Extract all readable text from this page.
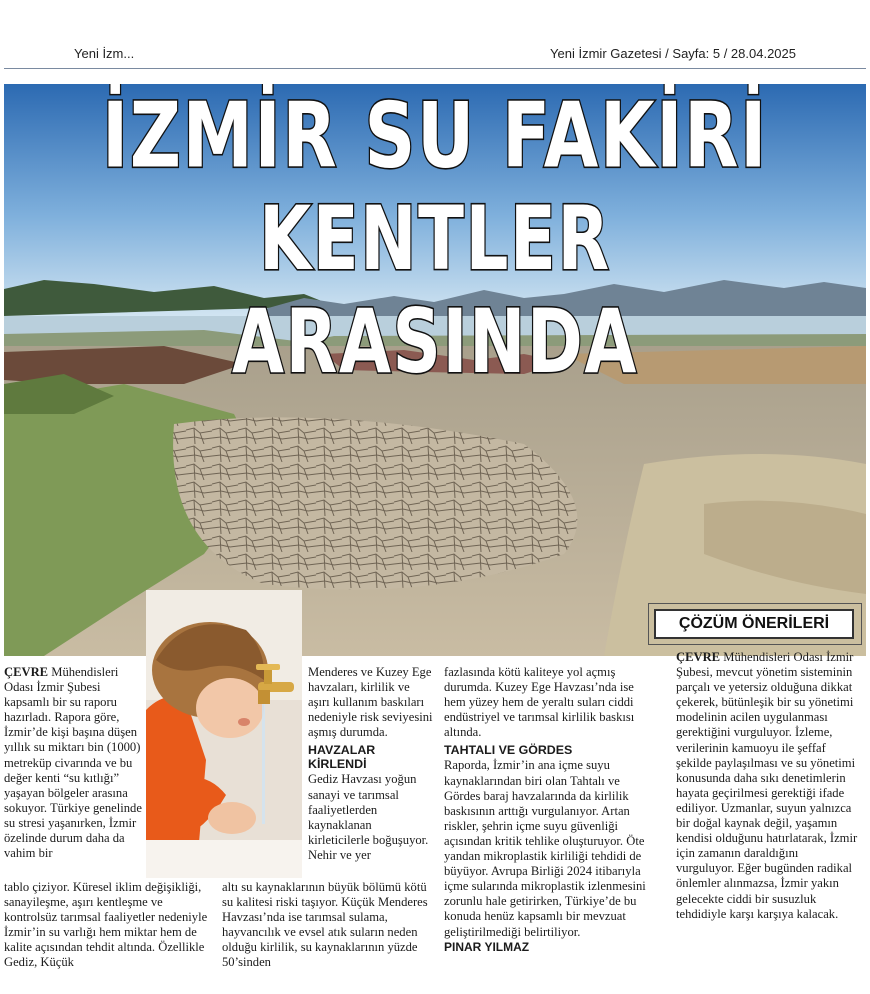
Yeni İzm...	Yeni İzmir Gazetesi / Sayfa: 5 / 28.04.2025
İZMİR SU FAKİRİ
KENTLER ARASINDA

ÇEVRE Mühendisleri Odası İzmir Şubesi kapsamlı bir su raporu hazırladı. Rapora göre, İzmir’de kişi başına düşen yıllık su miktarı bin (1000) metreküp civarında ve bu değer kenti “su kıtlığı” yaşayan bölgeler arasına sokuyor. Türkiye genelinde su stresi yaşanırken, İzmir özelinde durum daha da vahim bir

tablo çiziyor. Küresel iklim değişikliği, sanayileşme, aşırı kentleşme ve kontrolsüz tarımsal faaliyetler nedeniyle İzmir’in su varlığı hem miktar hem de kalite açısından tehdit altında. Özellikle Gediz, Küçük

Menderes ve Kuzey Ege havzaları, kirlilik ve aşırı kullanım baskıları nedeniyle risk seviyesini aşmış durumda.

HAVZALAR KİRLENDİ

Gediz Havzası yoğun sanayi ve tarımsal faaliyetlerden kaynaklanan kirleticilerle boğuşuyor. Nehir ve yer

altı su kaynaklarının büyük bölümü kötü su kalitesi riski taşıyor. Küçük Menderes Havzası’nda ise tarımsal sulama, hayvancılık ve evsel atık suların neden olduğu kirlilik, su kaynaklarının yüzde 50’sinden

fazlasında kötü kaliteye yol açmış durumda. Kuzey Ege Havzası’nda ise hem yüzey hem de yeraltı suları ciddi endüstriyel ve tarımsal kirlilik baskısı altında.

TAHTALI VE GÖRDES

Raporda, İzmir’in ana içme suyu kaynaklarından biri olan Tahtalı ve Gördes baraj havzalarında da kirlilik baskısının arttığı vurgulanıyor. Artan riskler, şehrin içme suyu güvenliği açısından kritik tehlike oluşturuyor. Öte yandan mikroplastik kirliliği tehdidi de büyüyor. Avrupa Birliği 2024 itibarıyla içme sularında mikroplastik izlenmesini zorunlu hale getirirken, Türkiye’de bu konuda henüz kapsamlı bir mevzuat geliştirilmediği belirtiliyor.

PINAR YILMAZ
ÇÖZÜM ÖNERİLERİ

ÇEVRE Mühendisleri Odası İzmir Şubesi, mevcut yönetim sisteminin parçalı ve yetersiz olduğuna dikkat çekerek, bütünleşik bir su yönetimi modelinin acilen uygulanması gerektiğini vurguluyor. İzleme, verilerinin kamuoyu ile şeffaf şekilde paylaşılması ve su yönetimi konusunda daha sıkı denetimlerin hayata geçirilmesi gerektiği ifade ediliyor. Uzmanlar, suyun yalnızca bir doğal kaynak değil, yaşamın kendisi olduğunu hatırlatarak, İzmir için zamanın daraldığını vurguluyor. Eğer bugünden radikal önlemler alınmazsa, İzmir yakın gelecekte ciddi bir susuzluk tehdidiyle karşı karşıya kalacak.
